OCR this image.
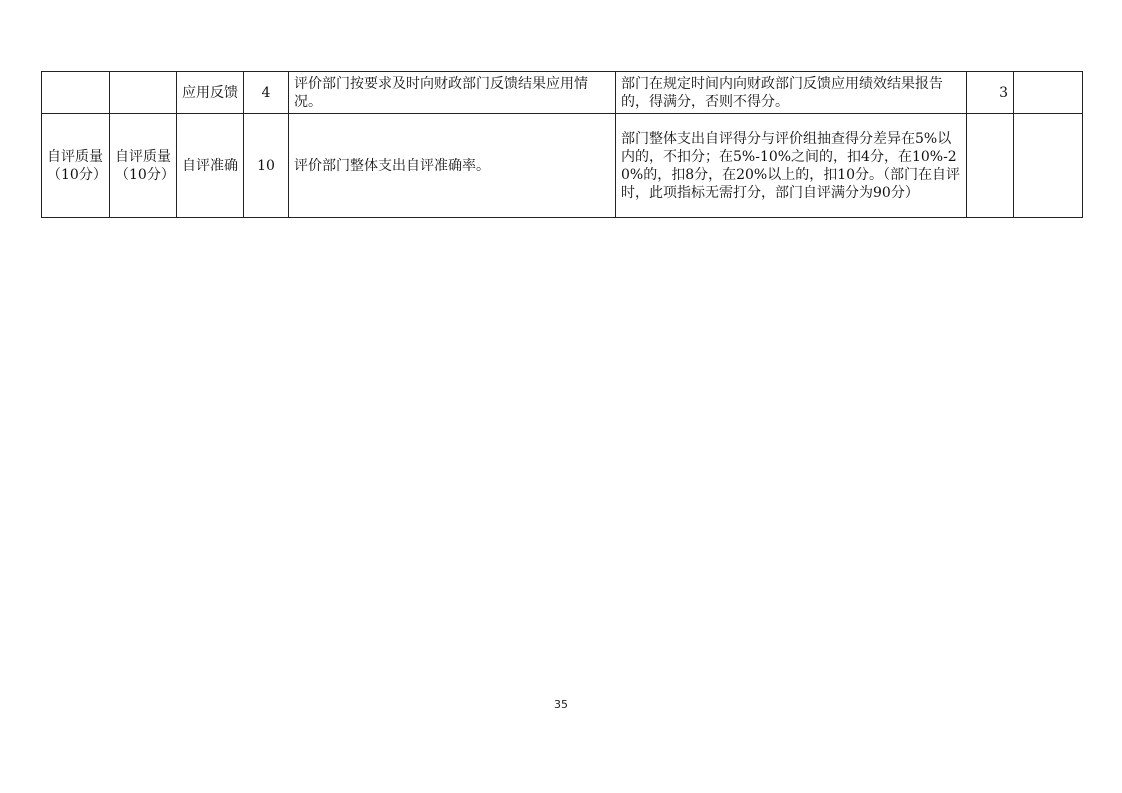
		应用反馈	4	评价部门按要求及时向财政部门反馈结果应用情况。	部门在规定时间内向财政部门反馈应用绩效结果报告的，得满分，否则不得分。	3	
自评质量（10分）	自评质量（10分）	自评准确	10	评价部门整体支出自评准确率。	部门整体支出自评得分与评价组抽查得分差异在5%以内的，不扣分；在5%-10%之间的，扣4分，在10%-20%的，扣8分，在20%以上的，扣10分。（部门在自评时，此项指标无需打分，部门自评满分为90分）		
35
